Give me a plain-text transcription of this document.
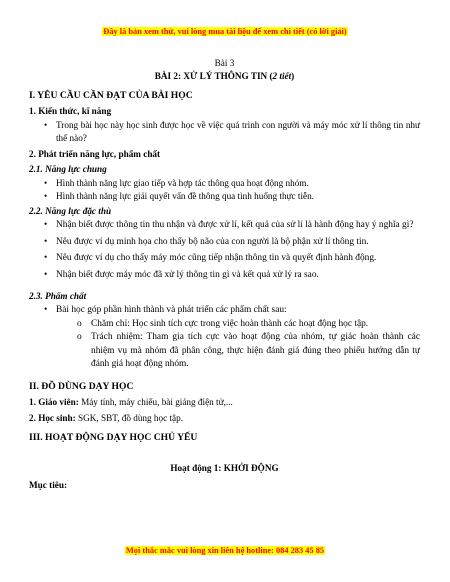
Đây là bản xem thử, vui lòng mua tài liệu để xem chi tiết (có lời giải)

Bài 3

BÀI 2: XỬ LÝ THÔNG TIN (2 tiết)

I. YÊU CẦU CẦN ĐẠT CỦA BÀI HỌC
1. Kiến thức, kĩ năng
• Trong bài học này học sinh được học về việc quá trình con người và máy móc xử lí thông tin như thế nào?
2. Phát triển năng lực, phẩm chất
2.1. Năng lực chung
• Hình thành năng lực giao tiếp và hợp tác thông qua hoạt động nhóm.
• Hình thành năng lực giải quyết vấn đề thông qua tình huống thực tiễn.
2.2. Năng lực đặc thù
• Nhận biết được thông tin thu nhận và được xử lí, kết quả của sử lí là hành động hay ý nghĩa gì?
• Nêu được ví dụ minh họa cho thấy bộ não của con người là bộ phận xử lí thông tin.
• Nêu được ví dụ cho thấy máy móc cũng tiếp nhận thông tin và quyết định hành động.
• Nhận biết được máy móc đã xử lý thông tin gì và kết quả xử lý ra sao.
2.3. Phẩm chất
• Bài học góp phần hình thành và phát triển các phẩm chất sau:
o Chăm chỉ: Học sinh tích cực trong việc hoàn thành các hoạt động học tập.
o Trách nhiệm: Tham gia tích cực vào hoạt động của nhóm, tự giác hoàn thành các nhiệm vụ mà nhóm đã phân công, thực hiện đánh giá đúng theo phiếu hướng dẫn tự đánh giá hoạt động nhóm.
II. ĐỒ DÙNG DẠY HỌC

1. Giáo viên: Máy tính, máy chiếu, bài giảng điện tử,...

2. Học sinh: SGK, SBT, đồ dùng học tập.

III. HOẠT ĐỘNG DẠY HỌC CHỦ YẾU

Hoạt động 1: KHỞI ĐỘNG

Mục tiêu:

Mọi thắc mắc vui lòng xin liên hệ hotline: 084 283 45 85
